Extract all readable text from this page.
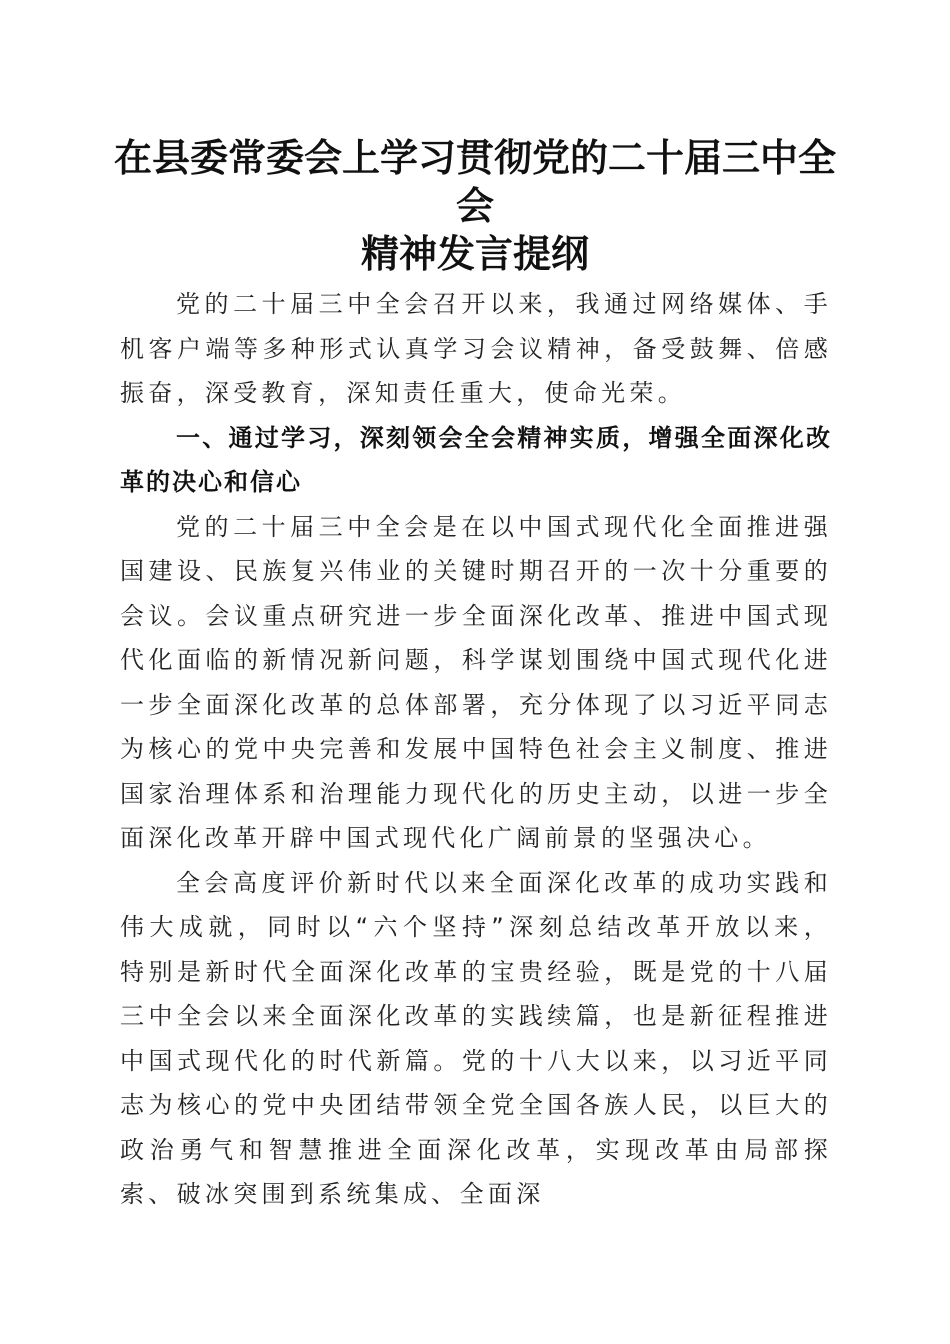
在县委常委会上学习贯彻党的二十届三中全会
精神发言提纲

党的二十届三中全会召开以来，我通过网络媒体、手机客户端等多种形式认真学习会议精神，备受鼓舞、倍感振奋，深受教育，深知责任重大，使命光荣。

一、通过学习，深刻领会全会精神实质，增强全面深化改革的决心和信心

党的二十届三中全会是在以中国式现代化全面推进强国建设、民族复兴伟业的关键时期召开的一次十分重要的会议。会议重点研究进一步全面深化改革、推进中国式现代化面临的新情况新问题，科学谋划围绕中国式现代化进一步全面深化改革的总体部署，充分体现了以习近平同志为核心的党中央完善和发展中国特色社会主义制度、推进国家治理体系和治理能力现代化的历史主动，以进一步全面深化改革开辟中国式现代化广阔前景的坚强决心。

全会高度评价新时代以来全面深化改革的成功实践和伟大成就，同时以“六个坚持”深刻总结改革开放以来，特别是新时代全面深化改革的宝贵经验，既是党的十八届三中全会以来全面深化改革的实践续篇，也是新征程推进中国式现代化的时代新篇。党的十八大以来，以习近平同志为核心的党中央团结带领全党全国各族人民，以巨大的政治勇气和智慧推进全面深化改革，实现改革由局部探索、破冰突围到系统集成、全面深
